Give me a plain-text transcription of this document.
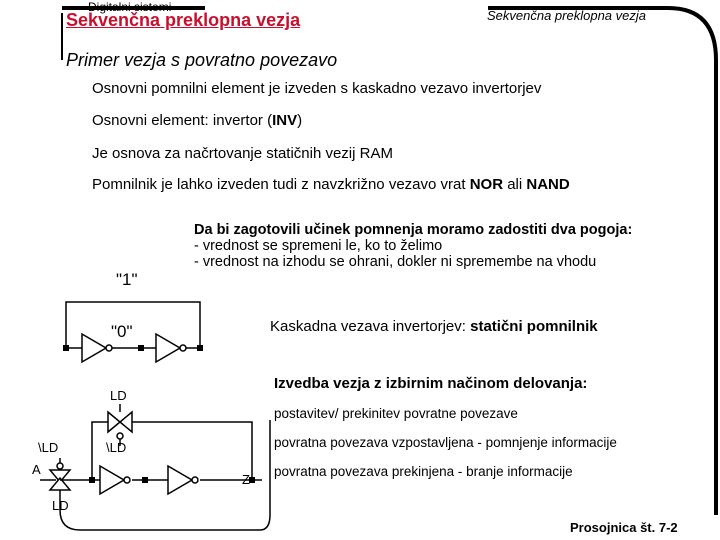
Digitalni sistemi
Sekvenčna preklopna vezja	Sekvenčna preklopna vezja
Primer vezja s povratno povezavo
Osnovni pomnilni element je izveden s kaskadno vezavo invertorjev
Osnovni element: invertor (INV)
Je osnova za načrtovanje statičnih vezij RAM
Pomnilnik je lahko izveden tudi z navzkrižno vezavo vrat NOR ali NAND
Da bi zagotovili učinek pomnenja moramo zadostiti dva pogoja:
- vrednost se spremeni le, ko to želimo
- vrednost na izhodu se ohrani, dokler ni spremembe na vhodu
"1"
"0"	Kaskadna vezava invertorjev: statični pomnilnik
Izvedba vezja z izbirnim načinom delovanja:
postavitev/ prekinitev povratne povezave
povratna povezava vzpostavljena - pomnjenje informacije
povratna povezava prekinjena - branje informacije
LD
\LD	\LD
A
LD
Z
Prosojnica št. 7-2
